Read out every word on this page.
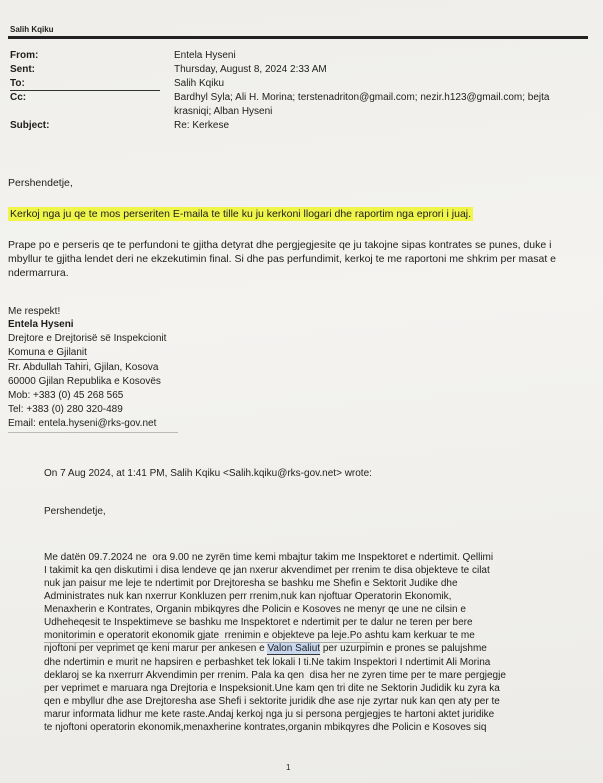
Salih Kqiku
From:	Entela Hyseni
Sent:	Thursday, August 8, 2024 2:33 AM
To:	Salih Kqiku
Cc:	Bardhyl Syla; Ali H. Morina; terstenadriton@gmail.com; nezir.h123@gmail.com; bejta
krasniqi; Alban Hyseni
Subject:	Re: Kerkese
Pershendetje,
Kerkoj nga ju qe te mos perseriten E-maila te tille ku ju kerkoni llogari dhe raportim nga eprori i juaj.
Prape po e perseris qe te perfundoni te gjitha detyrat dhe pergjegjesite qe ju takojne sipas kontrates se punes, duke i
mbyllur te gjitha lendet deri ne ekzekutimin final. Si dhe pas perfundimit, kerkoj te me raportoni me shkrim per masat e
ndermarrura.
Me respekt!
Entela Hyseni
Drejtore e Drejtorisë së Inspekcionit
Komuna e Gjilanit
Rr. Abdullah Tahiri, Gjilan, Kosova
60000 Gjilan Republika e Kosovës
Mob: +383 (0) 45 268 565
Tel: +383 (0) 280 320-489
Email: entela.hyseni@rks-gov.net
On 7 Aug 2024, at 1:41 PM, Salih Kqiku <Salih.kqiku@rks-gov.net> wrote:
Pershendetje,
Me datën 09.7.2024 ne  ora 9.00 ne zyrën time kemi mbajtur takim me Inspektoret e ndertimit. Qellimi
I takimit ka qen diskutimi i disa lendeve qe jan nxerur akvendimet per rrenim te disa objekteve te cilat
nuk jan paisur me leje te ndertimit por Drejtoresha se bashku me Shefin e Sektorit Judike dhe
Administrates nuk kan nxerrur Konkluzen perr rrenim,nuk kan njoftuar Operatorin Ekonomik,
Menaxherin e Kontrates, Organin mbikqyres dhe Policin e Kosoves ne menyr qe une ne cilsin e
Udheheqesit te Inspektimeve se bashku me Inspektoret e ndertimit per te dalur ne teren per bere
monitorimin e operatorit ekonomik gjate  rrenimin e objekteve pa leje.Po ashtu kam kerkuar te me
njoftoni per veprimet qe keni marur per ankesen e Valon Saliut per uzurpimin e prones se palujshme
dhe ndertimin e murit ne hapsiren e perbashket tek lokali I ti.Ne takim Inspektori I ndertimit Ali Morina
deklaroj se ka nxerrurr Akvendimin per rrenim. Pala ka qen  disa her ne zyren time per te mare pergjegje
per veprimet e maruara nga Drejtoria e Inspeksionit.Une kam qen tri dite ne Sektorin Judidik ku zyra ka
qen e mbyllur dhe ase Drejtoresha ase Shefi i sektorite juridik dhe ase nje zyrtar nuk kan qen aty per te
marur informata lidhur me kete raste.Andaj kerkoj nga ju si persona pergjegjes te hartoni aktet juridike
te njoftoni operatorin ekonomik,menaxherine kontrates,organin mbikqyres dhe Policin e Kosoves siq
1
